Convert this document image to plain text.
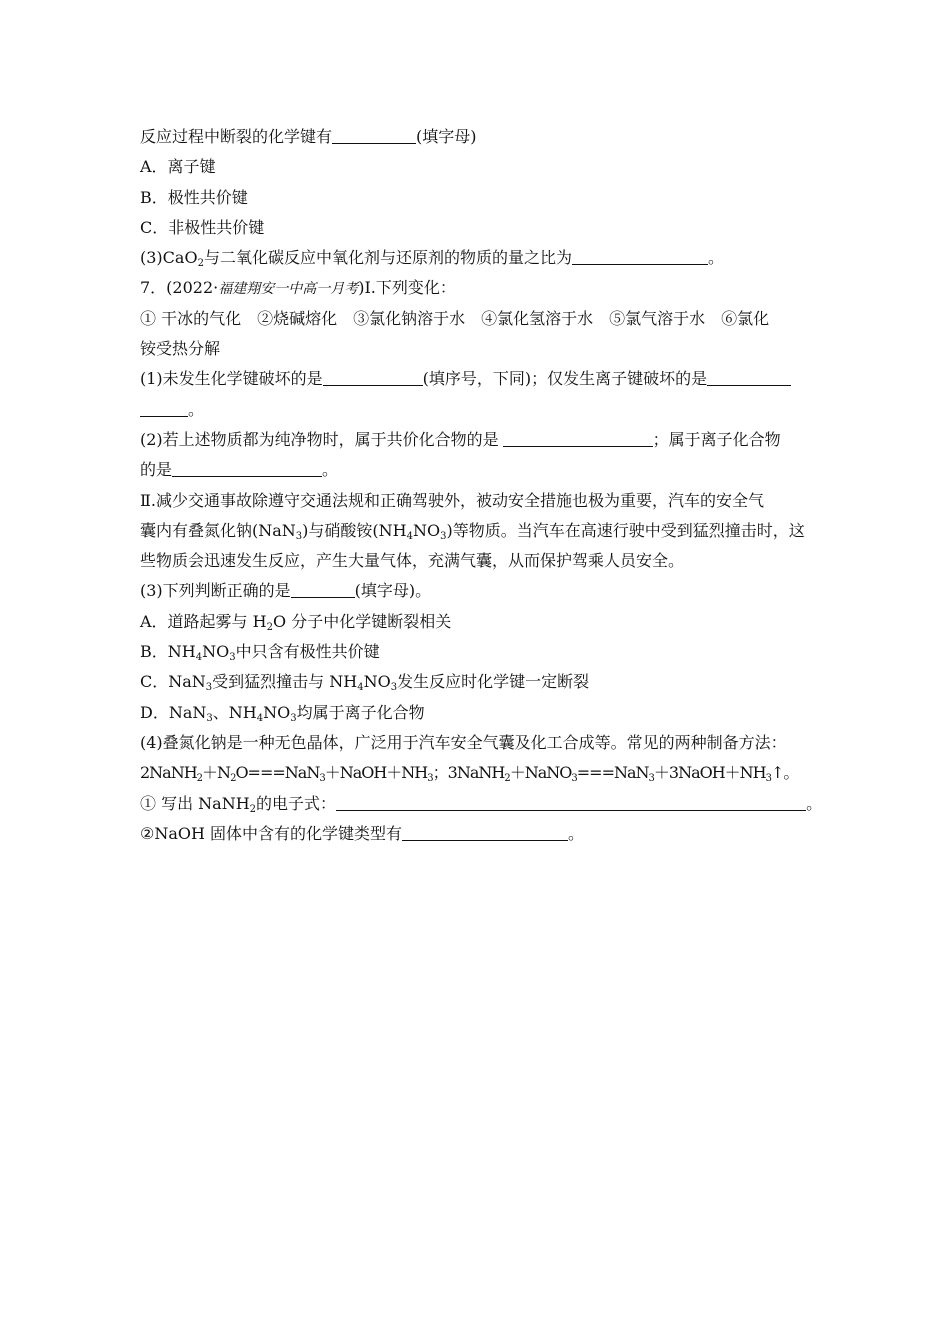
反应过程中断裂的化学键有	(填字母)
A．离子键
B．极性共价键
C．非极性共价键
(3)CaO$_2$与二氧化碳反应中氧化剂与还原剂的物质的量之比为	。
7．(2022·福建翔安一中高一月考)Ⅰ.下列变化：
① 干冰的气化　②烧碱熔化　③氯化钠溶于水　④氯化氢溶于水　⑤氯气溶于水　⑥氯化
铵受热分解
(1)未发生化学键破坏的是	(填序号，下同)；仅发生离子键破坏的是
。
(2)若上述物质都为纯净物时，属于共价化合物的是	；属于离子化合物
的是	。
Ⅱ.减少交通事故除遵守交通法规和正确驾驶外，被动安全措施也极为重要，汽车的安全气
囊内有叠氮化钠(NaN$_3$)与硝酸铵$(NH_4NO_3)$等物质。当汽车在高速行驶中受到猛烈撞击时，这
些物质会迅速发生反应，产生大量气体，充满气囊，从而保护驾乘人员安全。
(3)下列判断正确的是	(填字母)。
A．道路起雾与 $H_2O$ 分子中化学键断裂相关
B．$NH_4NO_3$中只含有极性共价键
C．NaN$_3$受到猛烈撞击与 $NH_4NO_3$发生反应时化学键一定断裂
D．NaN$_3$、$NH_4NO_3$均属于离子化合物
(4)叠氮化钠是一种无色晶体，广泛用于汽车安全气囊及化工合成等。常见的两种制备方法：
$2NaNH_2+N_2O===NaN_3+NaOH+NH_3$；$3NaNH_2+NaNO_3===NaN_3+3NaOH+NH_3↑$。
① 写出 NaNH$_2$的电子式：	。
②NaOH 固体中含有的化学键类型有	。
